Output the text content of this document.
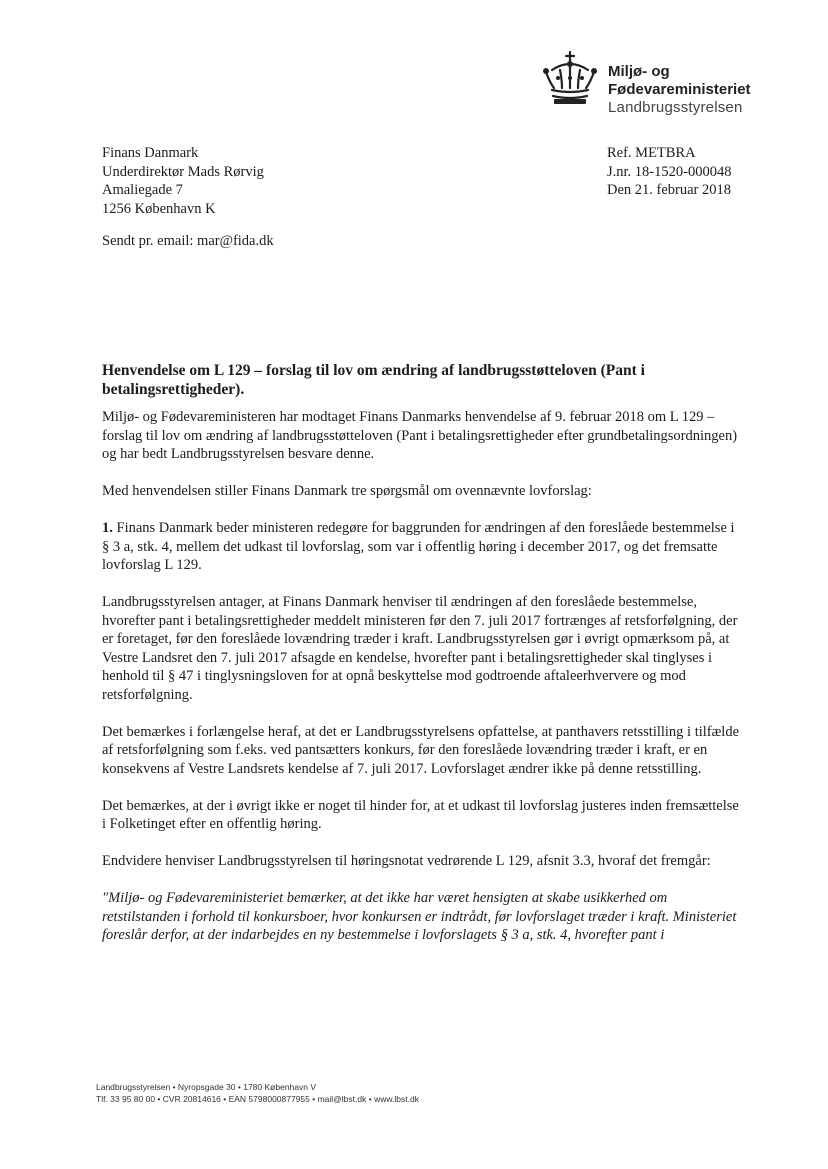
Miljø- og
Fødevareministeriet
Landbrugsstyrelsen
Finans Danmark
Underdirektør Mads Rørvig
Amaliegade 7
1256 København K
Ref. METBRA
J.nr. 18-1520-000048
Den 21. februar 2018
Sendt pr. email: mar@fida.dk
Henvendelse om L 129 – forslag til lov om ændring af landbrugsstøtteloven (Pant i betalingsrettigheder).

Miljø- og Fødevareministeren har modtaget Finans Danmarks henvendelse af 9. februar 2018 om L 129 – forslag til lov om ændring af landbrugsstøtteloven (Pant i betalingsrettigheder efter grundbetalingsordningen) og har bedt Landbrugsstyrelsen besvare denne.

Med henvendelsen stiller Finans Danmark tre spørgsmål om ovennævnte lovforslag:

1. Finans Danmark beder ministeren redegøre for baggrunden for ændringen af den foreslåede bestemmelse i § 3 a, stk. 4, mellem det udkast til lovforslag, som var i offentlig høring i december 2017, og det fremsatte lovforslag L 129.

Landbrugsstyrelsen antager, at Finans Danmark henviser til ændringen af den foreslåede bestemmelse, hvorefter pant i betalingsrettigheder meddelt ministeren før den 7. juli 2017 fortrænges af retsforfølgning, der er foretaget, før den foreslåede lovændring træder i kraft. Landbrugsstyrelsen gør i øvrigt opmærksom på, at Vestre Landsret den 7. juli 2017 afsagde en kendelse, hvorefter pant i betalingsrettigheder skal tinglyses i henhold til § 47 i tinglysningsloven for at opnå beskyttelse mod godtroende aftaleerhververe og mod retsforfølgning.

Det bemærkes i forlængelse heraf, at det er Landbrugsstyrelsens opfattelse, at panthavers retsstilling i tilfælde af retsforfølgning som f.eks. ved pantsætters konkurs, før den foreslåede lovændring træder i kraft, er en konsekvens af Vestre Landsrets kendelse af 7. juli 2017. Lovforslaget ændrer ikke på denne retsstilling.

Det bemærkes, at der i øvrigt ikke er noget til hinder for, at et udkast til lovforslag justeres inden fremsættelse i Folketinget efter en offentlig høring.

Endvidere henviser Landbrugsstyrelsen til høringsnotat vedrørende L 129, afsnit 3.3, hvoraf det fremgår:

"Miljø- og Fødevareministeriet bemærker, at det ikke har været hensigten at skabe usikkerhed om retstilstanden i forhold til konkursboer, hvor konkursen er indtrådt, før lovforslaget træder i kraft. Ministeriet foreslår derfor, at der indarbejdes en ny bestemmelse i lovforslagets § 3 a, stk. 4, hvorefter pant i

Landbrugsstyrelsen • Nyropsgade 30 • 1780 København V
Tlf. 33 95 80 00 • CVR 20814616 • EAN 5798000877955 • mail@lbst.dk • www.lbst.dk
